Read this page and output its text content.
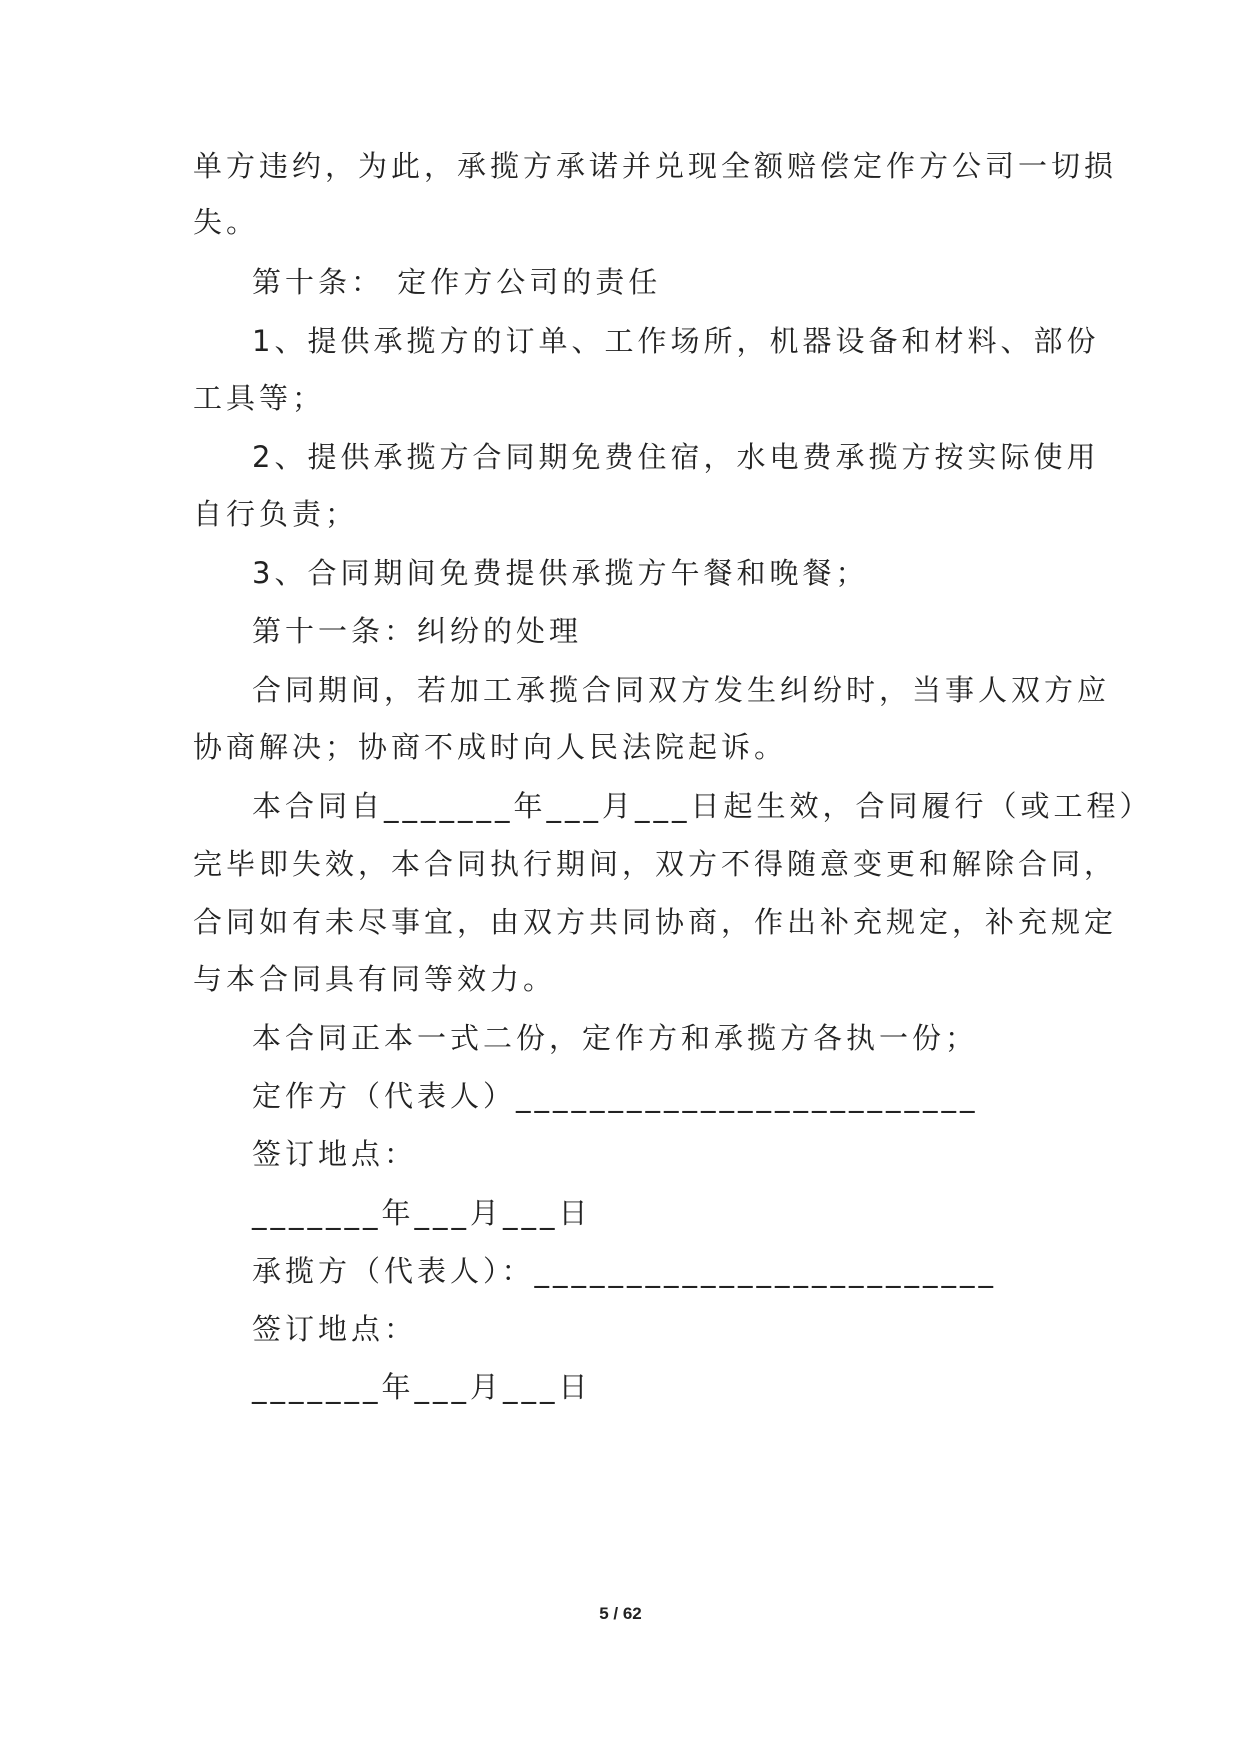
单方违约，为此，承揽方承诺并兑现全额赔偿定作方公司一切损
失。
第十条： 定作方公司的责任
1、提供承揽方的订单、工作场所，机器设备和材料、部份
工具等；
2、提供承揽方合同期免费住宿，水电费承揽方按实际使用
自行负责；
3、合同期间免费提供承揽方午餐和晚餐；
第十一条：纠纷的处理
合同期间，若加工承揽合同双方发生纠纷时，当事人双方应
协商解决；协商不成时向人民法院起诉。
本合同自_______年___月___日起生效，合同履行（或工程）
完毕即失效，本合同执行期间，双方不得随意变更和解除合同，
合同如有未尽事宜，由双方共同协商，作出补充规定，补充规定
与本合同具有同等效力。
本合同正本一式二份，定作方和承揽方各执一份；
定作方（代表人）_________________________
签订地点：
_______年___月___日
承揽方（代表人）：_________________________
签订地点：
_______年___月___日
5 / 62
